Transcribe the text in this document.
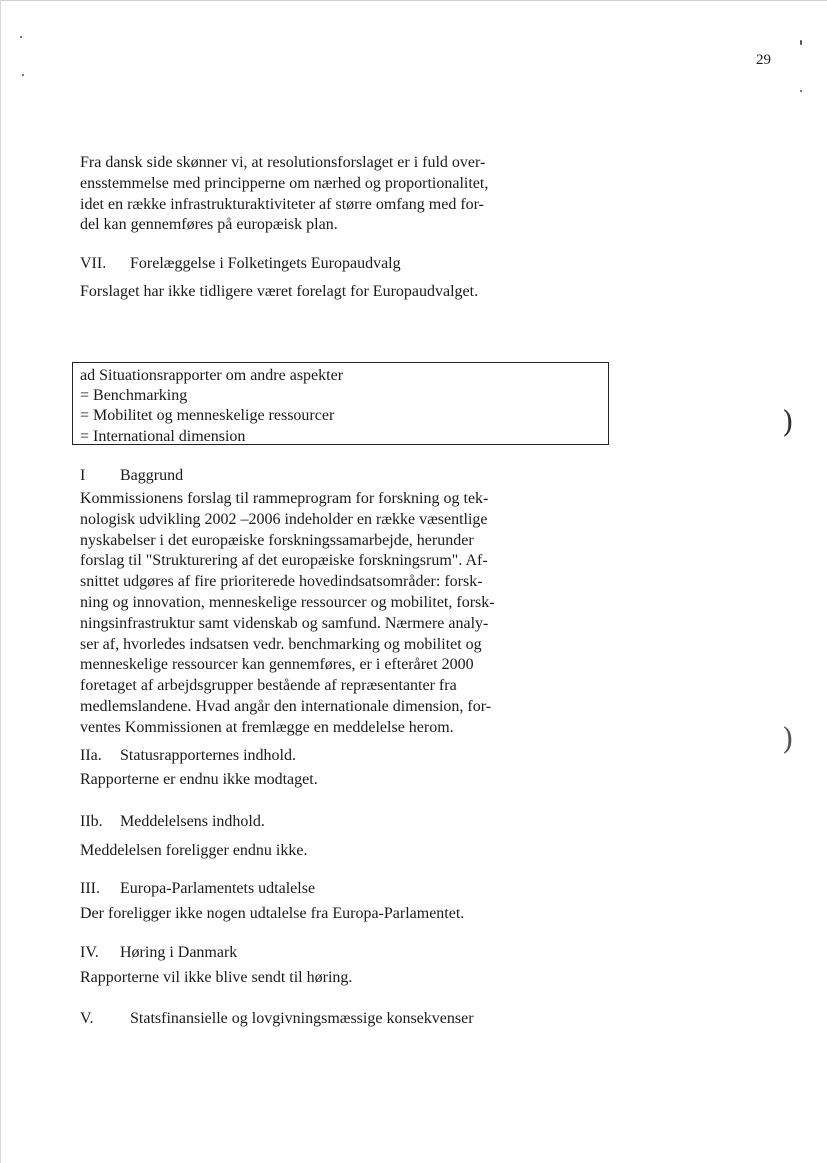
29
)
)
Fra dansk side skønner vi, at resolutionsforslaget er i fuld over-
ensstemmelse med principperne om nærhed og proportionalitet,
idet en række infrastrukturaktiviteter af større omfang med for-
del kan gennemføres på europæisk plan.
VII. Forelæggelse i Folketingets Europaudvalg
Forslaget har ikke tidligere været forelagt for Europaudvalget.
ad Situationsrapporter om andre aspekter
= Benchmarking
= Mobilitet og menneskelige ressourcer
= International dimension
I Baggrund
Kommissionens forslag til rammeprogram for forskning og tek-
nologisk udvikling 2002 –2006 indeholder en række væsentlige
nyskabelser i det europæiske forskningssamarbejde, herunder
forslag til "Strukturering af det europæiske forskningsrum". Af-
snittet udgøres af fire prioriterede hovedindsatsområder: forsk-
ning og innovation, menneskelige ressourcer og mobilitet, forsk-
ningsinfrastruktur samt videnskab og samfund. Nærmere analy-
ser af, hvorledes indsatsen vedr. benchmarking og mobilitet og
menneskelige ressourcer kan gennemføres, er i efteråret 2000
foretaget af arbejdsgrupper bestående af repræsentanter fra
medlemslandene. Hvad angår den internationale dimension, for-
ventes Kommissionen at fremlægge en meddelelse herom.
IIa. Statusrapporternes indhold.
Rapporterne er endnu ikke modtaget.
IIb. Meddelelsens indhold.
Meddelelsen foreligger endnu ikke.
III. Europa-Parlamentets udtalelse
Der foreligger ikke nogen udtalelse fra Europa-Parlamentet.
IV. Høring i Danmark
Rapporterne vil ikke blive sendt til høring.
V. Statsfinansielle og lovgivningsmæssige konsekvenser
